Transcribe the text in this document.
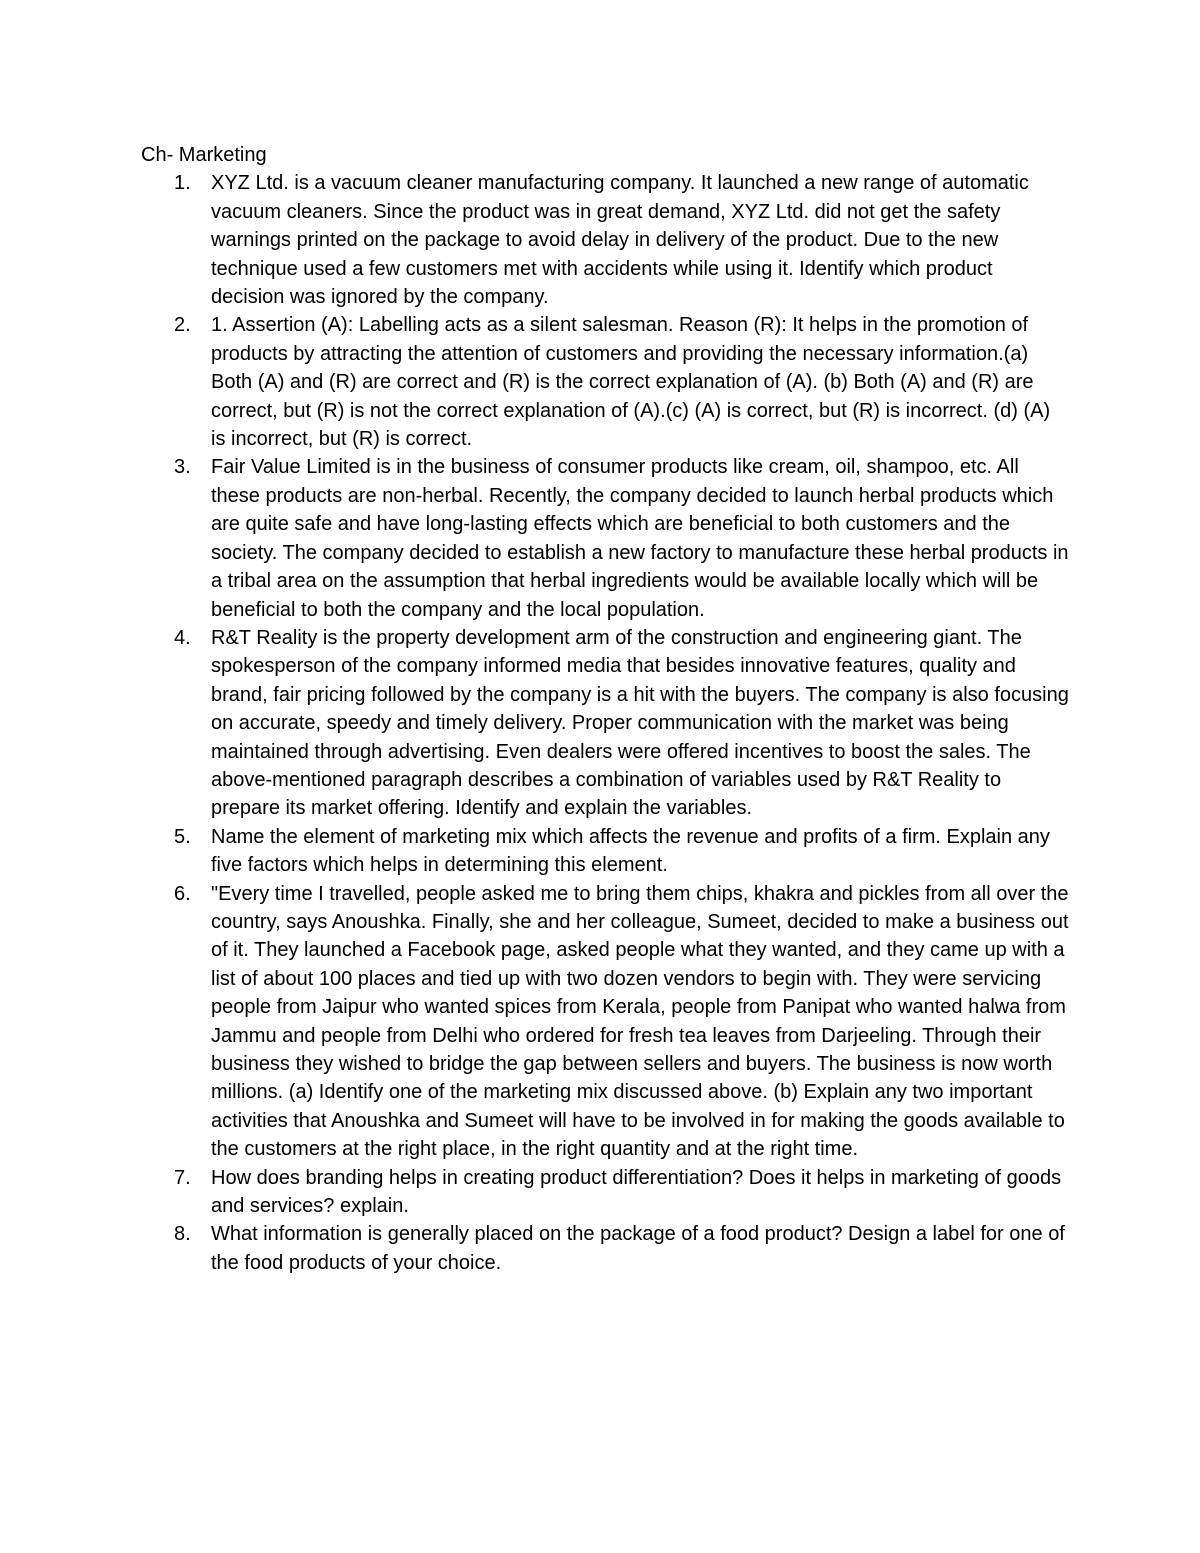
Ch- Marketing
1.	XYZ Ltd. is a vacuum cleaner manufacturing company. It launched a new range of automatic vacuum cleaners. Since the product was in great demand, XYZ Ltd. did not get the safety warnings printed on the package to avoid delay in delivery of the product. Due to the new technique used a few customers met with accidents while using it. Identify which product decision was ignored by the company.
2.	1. Assertion (A): Labelling acts as a silent salesman. Reason (R): It helps in the promotion of products by attracting the attention of customers and providing the necessary information.(a) Both (A) and (R) are correct and (R) is the correct explanation of (A). (b) Both (A) and (R) are correct, but (R) is not the correct explanation of (A).(c) (A) is correct, but (R) is incorrect. (d) (A) is incorrect, but (R) is correct.
3.	Fair Value Limited is in the business of consumer products like cream, oil, shampoo, etc. All these products are non-herbal. Recently, the company decided to launch herbal products which are quite safe and have long-lasting effects which are beneficial to both customers and the society. The company decided to establish a new factory to manufacture these herbal products in a tribal area on the assumption that herbal ingredients would be available locally which will be beneficial to both the company and the local population.
4.	R&T Reality is the property development arm of the construction and engineering giant. The spokesperson of the company informed media that besides innovative features, quality and brand, fair pricing followed by the company is a hit with the buyers. The company is also focusing on accurate, speedy and timely delivery. Proper communication with the market was being maintained through advertising. Even dealers were offered incentives to boost the sales. The above-mentioned paragraph describes a combination of variables used by R&T Reality to prepare its market offering. Identify and explain the variables.
5.	Name the element of marketing mix which affects the revenue and profits of a firm. Explain any five factors which helps in determining this element.
6.	"Every time I travelled, people asked me to bring them chips, khakra and pickles from all over the country, says Anoushka. Finally, she and her colleague, Sumeet, decided to make a business out of it. They launched a Facebook page, asked people what they wanted, and they came up with a list of about 100 places and tied up with two dozen vendors to begin with. They were servicing people from Jaipur who wanted spices from Kerala, people from Panipat who wanted halwa from Jammu and people from Delhi who ordered for fresh tea leaves from Darjeeling. Through their business they wished to bridge the gap between sellers and buyers. The business is now worth millions. (a) Identify one of the marketing mix discussed above. (b) Explain any two important activities that Anoushka and Sumeet will have to be involved in for making the goods available to the customers at the right place, in the right quantity and at the right time.
7.	How does branding helps in creating product differentiation? Does it helps in marketing of goods and services? explain.
8.	What information is generally placed on the package of a food product? Design a label for one of the food products of your choice.
